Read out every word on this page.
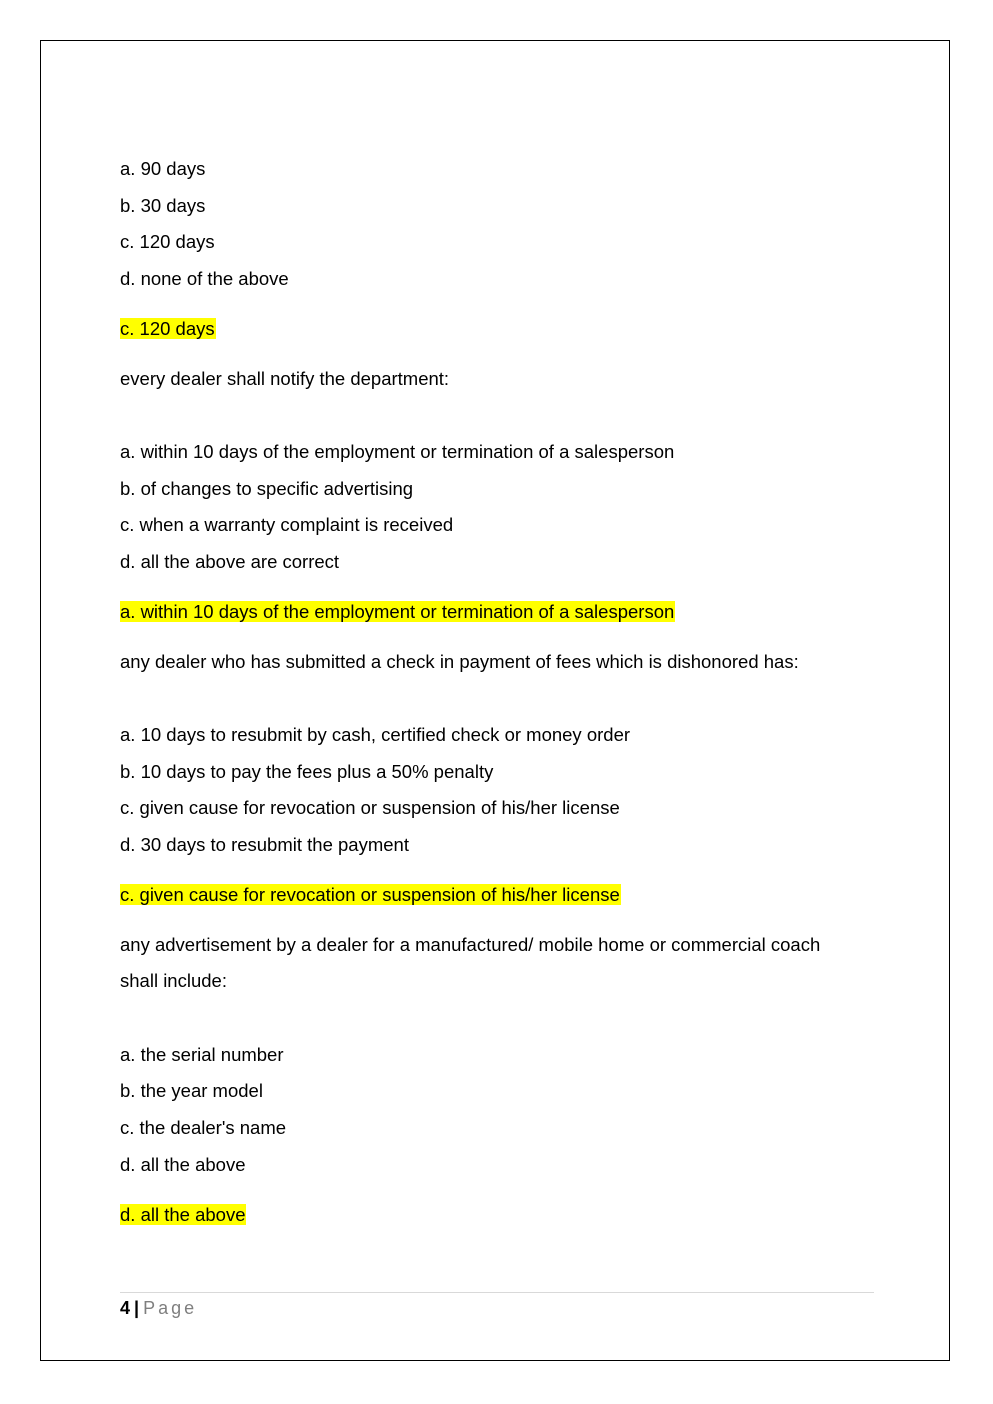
a. 90 days
b. 30 days
c. 120 days
d. none of the above
c. 120 days
every dealer shall notify the department:
a. within 10 days of the employment or termination of a salesperson
b. of changes to specific advertising
c. when a warranty complaint is received
d. all the above are correct
a. within 10 days of the employment or termination of a salesperson
any dealer who has submitted a check in payment of fees which is dishonored has:
a. 10 days to resubmit by cash, certified check or money order
b. 10 days to pay the fees plus a 50% penalty
c. given cause for revocation or suspension of his/her license
d. 30 days to resubmit the payment
c. given cause for revocation or suspension of his/her license
any advertisement by a dealer for a manufactured/ mobile home or commercial coach
shall include:
a. the serial number
b. the year model
c. the dealer's name
d. all the above
d. all the above
4 | Page
